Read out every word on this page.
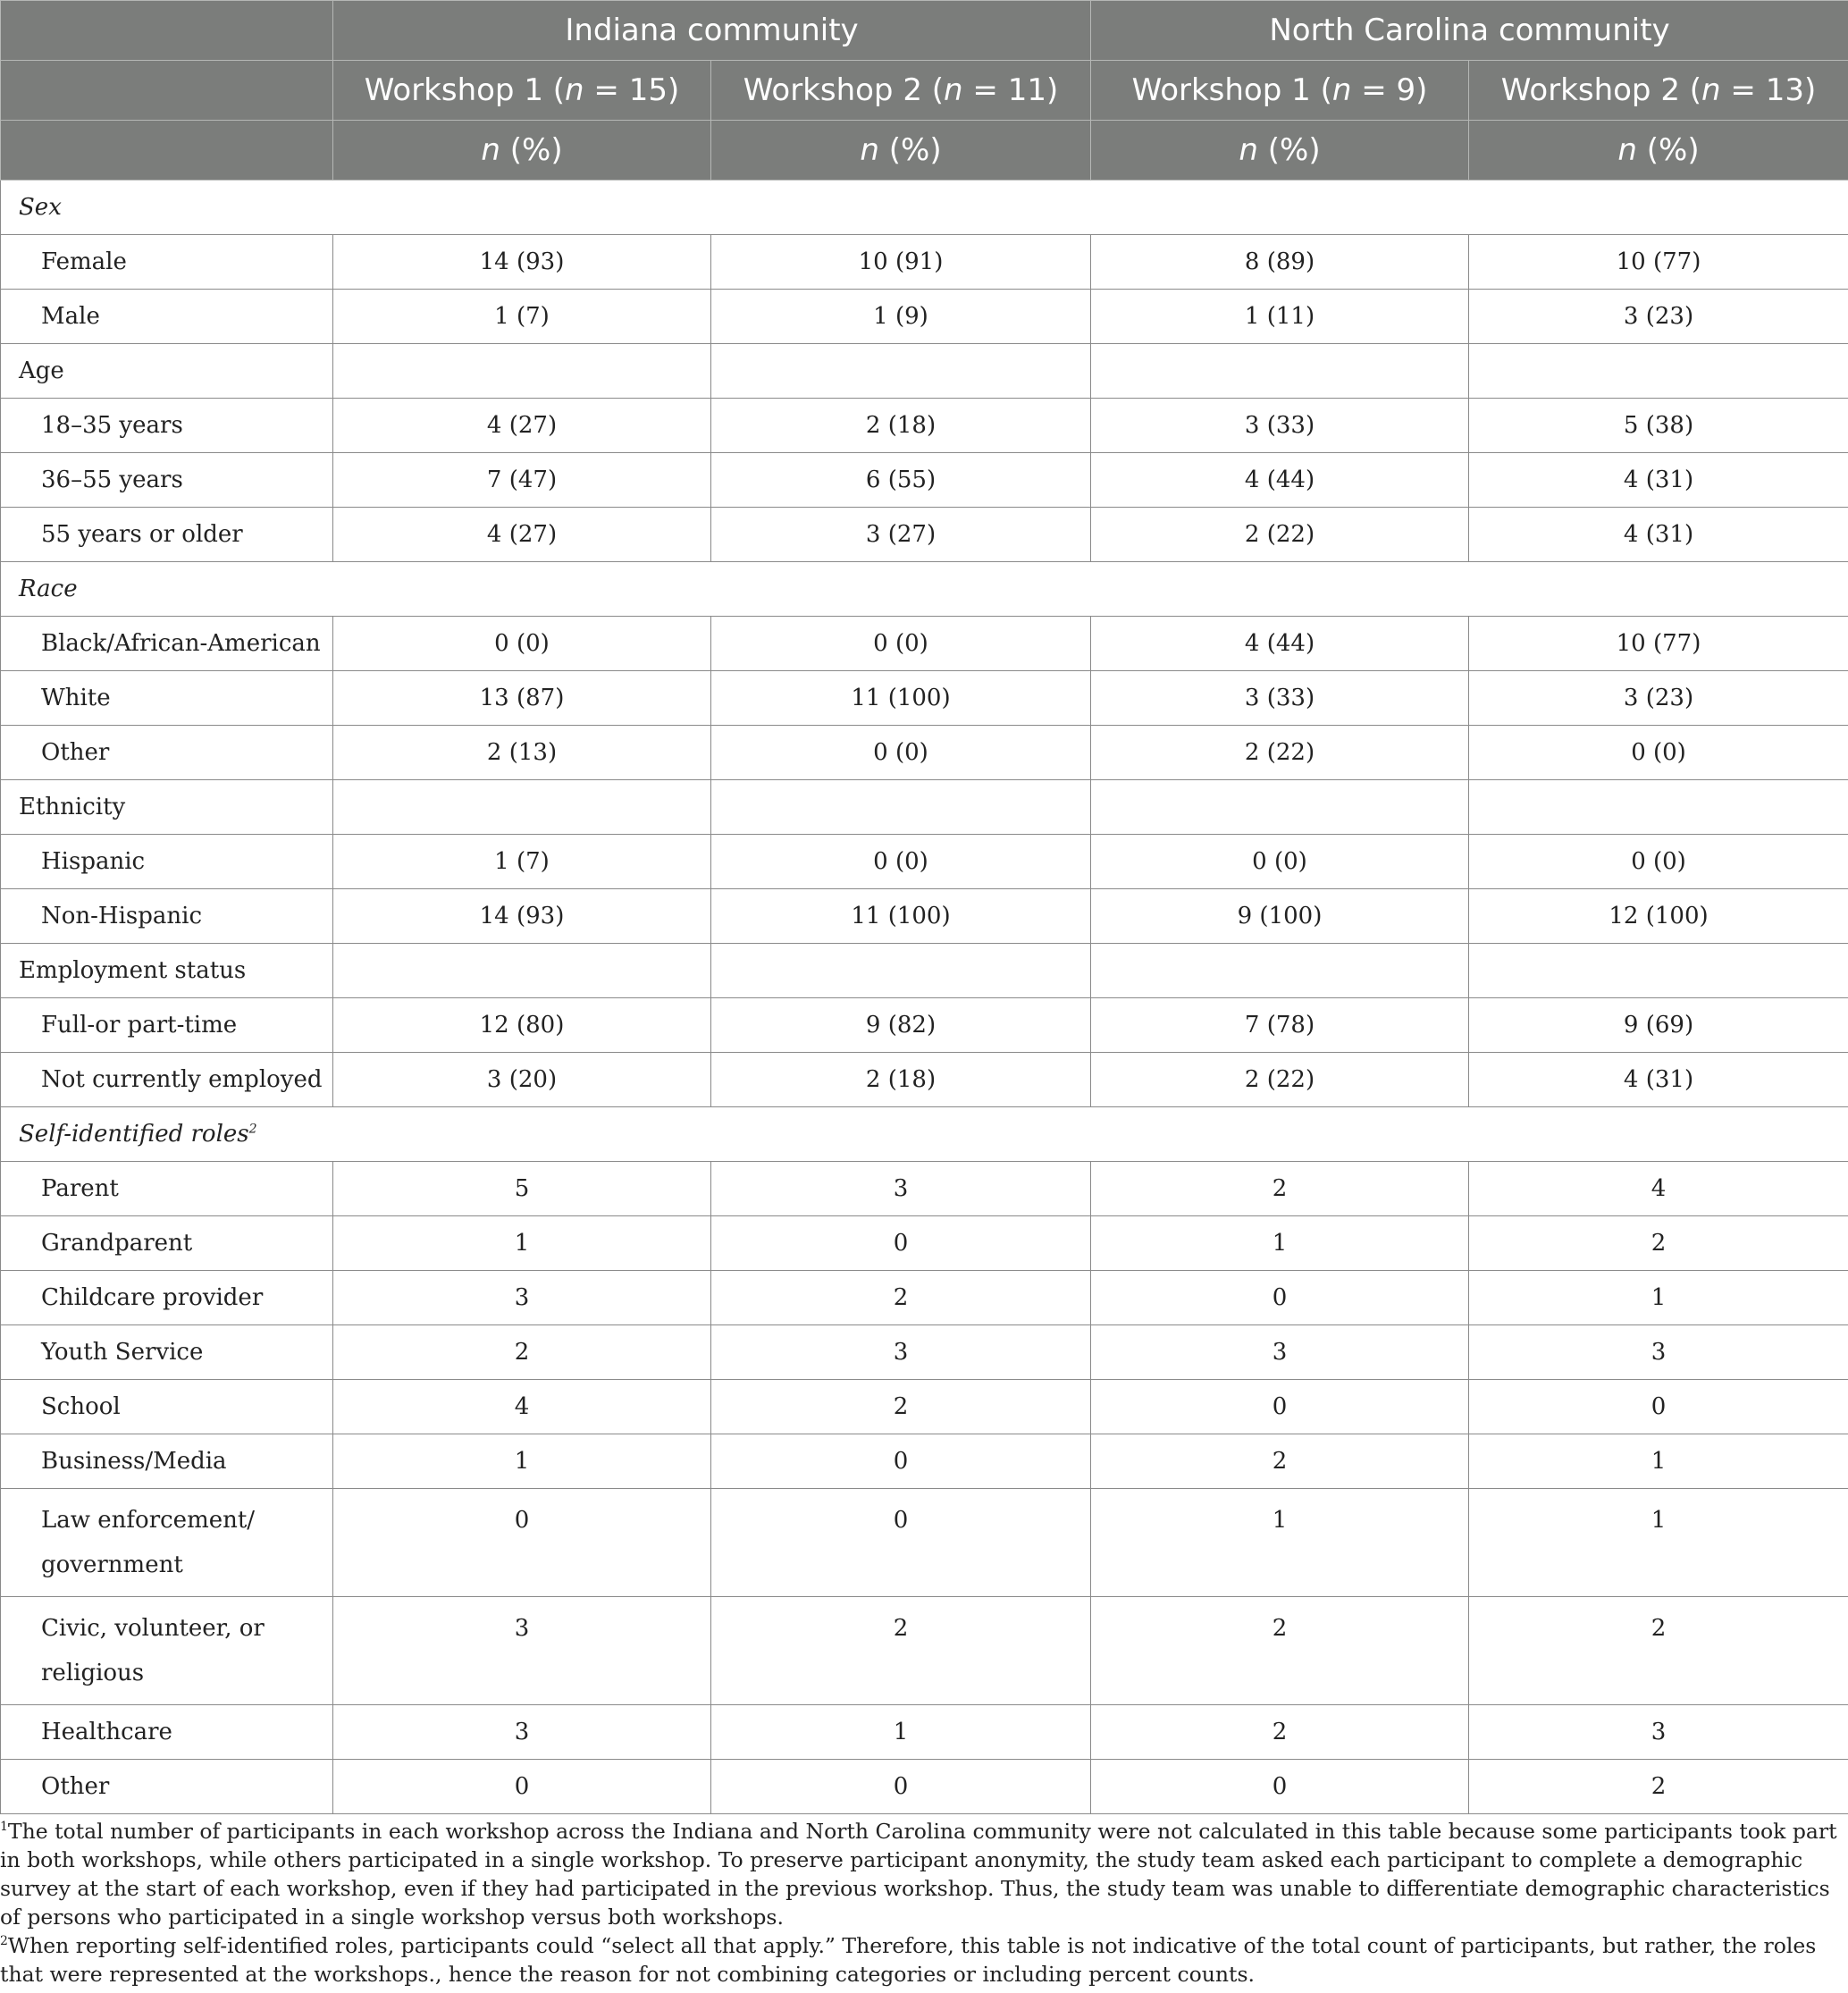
	Indiana community		North Carolina community	
	Workshop 1 (n = 15)	Workshop 2 (n = 11)	Workshop 1 (n = 9)	Workshop 2 (n = 13)
	n (%)	n (%)	n (%)	n (%)
Sex				
Female	14 (93)	10 (91)	8 (89)	10 (77)
Male	1 (7)	1 (9)	1 (11)	3 (23)
Age				
18–35 years	4 (27)	2 (18)	3 (33)	5 (38)
36–55 years	7 (47)	6 (55)	4 (44)	4 (31)
55 years or older	4 (27)	3 (27)	2 (22)	4 (31)
Race				
Black/African-American	0 (0)	0 (0)	4 (44)	10 (77)
White	13 (87)	11 (100)	3 (33)	3 (23)
Other	2 (13)	0 (0)	2 (22)	0 (0)
Ethnicity				
Hispanic	1 (7)	0 (0)	0 (0)	0 (0)
Non-Hispanic	14 (93)	11 (100)	9 (100)	12 (100)
Employment status				
Full-or part-time	12 (80)	9 (82)	7 (78)	9 (69)
Not currently employed	3 (20)	2 (18)	2 (22)	4 (31)
Self-identified roles$^2$
Parent	5	3	2	4
Grandparent	1	0	1	2
Childcare provider	3	2	0	1
Youth Service	2	3	3	3
School	4	2	0	0
Business/Media	1	0	2	1
Law enforcement/ government	0	0	1	1
Civic, volunteer, or religious	3	2	2	2
Healthcare	3	1	2	3
Other	0	0	0	2

$^1$The total number of participants in each workshop across the Indiana and North Carolina community were not calculated in this table because some participants took part in both workshops, while others participated in a single workshop. To preserve participant anonymity, the study team asked each participant to complete a demographic survey at the start of each workshop, even if they had participated in the previous workshop. Thus, the study team was unable to differentiate demographic characteristics of persons who participated in a single workshop versus both workshops.

$^2$When reporting self-identified roles, participants could “select all that apply.” Therefore, this table is not indicative of the total count of participants, but rather, the roles that were represented at the workshops., hence the reason for not combining categories or including percent counts.
